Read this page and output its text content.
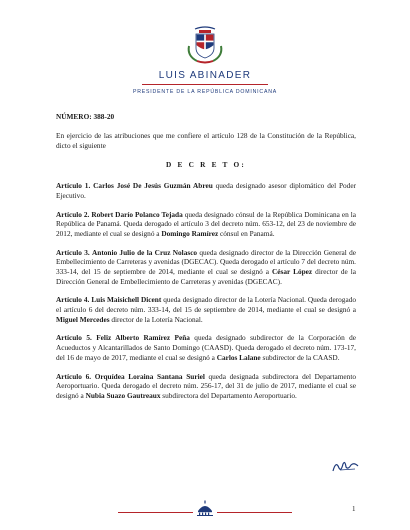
LUIS ABINADER
PRESIDENTE DE LA REPÚBLICA DOMINICANA

NÚMERO: 388-20

En ejercicio de las atribuciones que me confiere el artículo 128 de la Constitución de la República, dicto el siguiente

D E C R E T O:

Artículo 1. Carlos José De Jesús Guzmán Abreu queda designado asesor diplomático del Poder Ejecutivo.

Artículo 2. Robert Darío Polanco Tejada queda designado cónsul de la República Dominicana en la República de Panamá. Queda derogado el artículo 3 del decreto núm. 653-12, del 23 de noviembre de 2012, mediante el cual se designó a Domingo Ramírez cónsul en Panamá.

Artículo 3. Antonio Julio de la Cruz Nolasco queda designado director de la Dirección General de Embellecimiento de Carreteras y avenidas (DGECAC). Queda derogado el artículo 7 del decreto núm. 333-14, del 15 de septiembre de 2014, mediante el cual se designó a César López director de la Dirección General de Embellecimiento de Carreteras y avenidas (DGECAC).

Artículo 4. Luis Maisichell Dicent queda designado director de la Lotería Nacional. Queda derogado el artículo 6 del decreto núm. 333-14, del 15 de septiembre de 2014, mediante el cual se designó a Miguel Mercedes director de la Lotería Nacional.

Artículo 5. Feliz Alberto Ramírez Peña queda designado subdirector de la Corporación de Acueductos y Alcantarillados de Santo Domingo (CAASD). Queda derogado el decreto núm. 173-17, del 16 de mayo de 2017, mediante el cual se designó a Carlos Lalane subdirector de la CAASD.

Artículo 6. Orquídea Loraina Santana Suriel queda designada subdirectora del Departamento Aeroportuario. Queda derogado el decreto núm. 256-17, del 31 de julio de 2017, mediante el cual se designó a Nubia Suazo Gautreaux subdirectora del Departamento Aeroportuario.

1
